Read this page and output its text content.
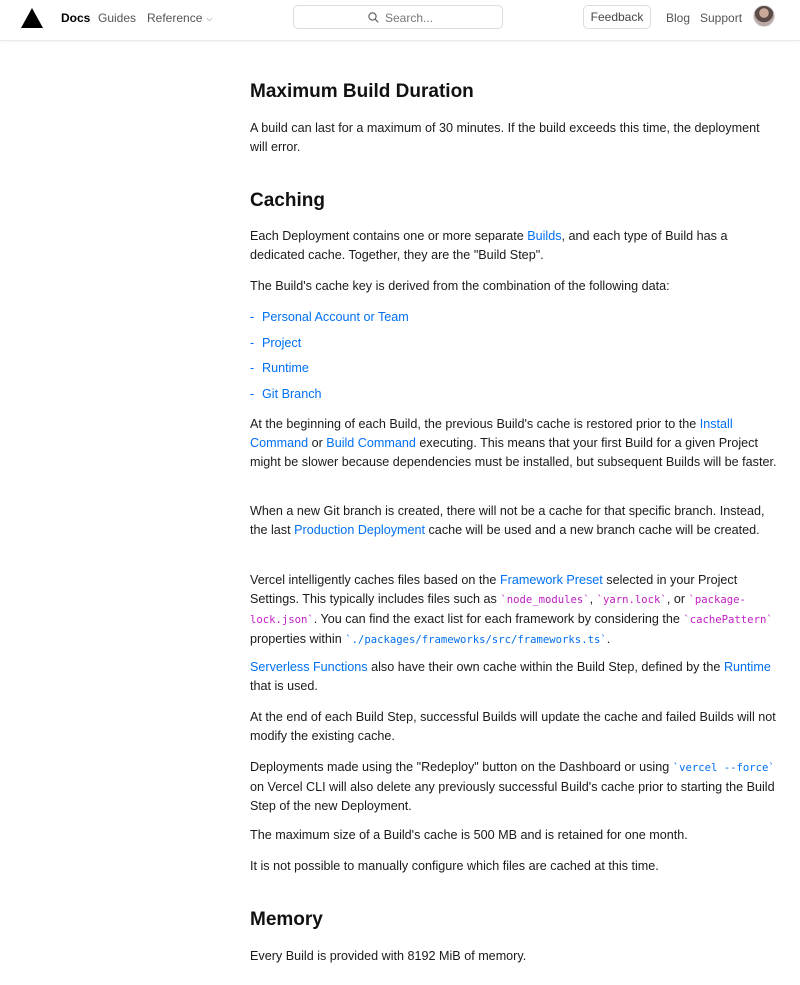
Docs Guides Reference ⌵	Search...	Feedback	Blog Support
Maximum Build Duration
A build can last for a maximum of 30 minutes. If the build exceeds this time, the deployment will error.
Caching
Each Deployment contains one or more separate Builds, and each type of Build has a dedicated cache. Together, they are the "Build Step".
The Build's cache key is derived from the combination of the following data:
- Personal Account or Team
- Project
- Runtime
- Git Branch
At the beginning of each Build, the previous Build's cache is restored prior to the Install Command or Build Command executing. This means that your first Build for a given Project might be slower because dependencies must be installed, but subsequent Builds will be faster.
When a new Git branch is created, there will not be a cache for that specific branch. Instead, the last Production Deployment cache will be used and a new branch cache will be created.
Vercel intelligently caches files based on the Framework Preset selected in your Project Settings. This typically includes files such as `node_modules`, `yarn.lock`, or `package-lock.json`. You can find the exact list for each framework by considering the `cachePattern` properties within `./packages/frameworks/src/frameworks.ts`.
Serverless Functions also have their own cache within the Build Step, defined by the Runtime that is used.
At the end of each Build Step, successful Builds will update the cache and failed Builds will not modify the existing cache.
Deployments made using the "Redeploy" button on the Dashboard or using `vercel --force` on Vercel CLI will also delete any previously successful Build's cache prior to starting the Build Step of the new Deployment.
The maximum size of a Build's cache is 500 MB and is retained for one month.
It is not possible to manually configure which files are cached at this time.
Memory
Every Build is provided with 8192 MiB of memory.
